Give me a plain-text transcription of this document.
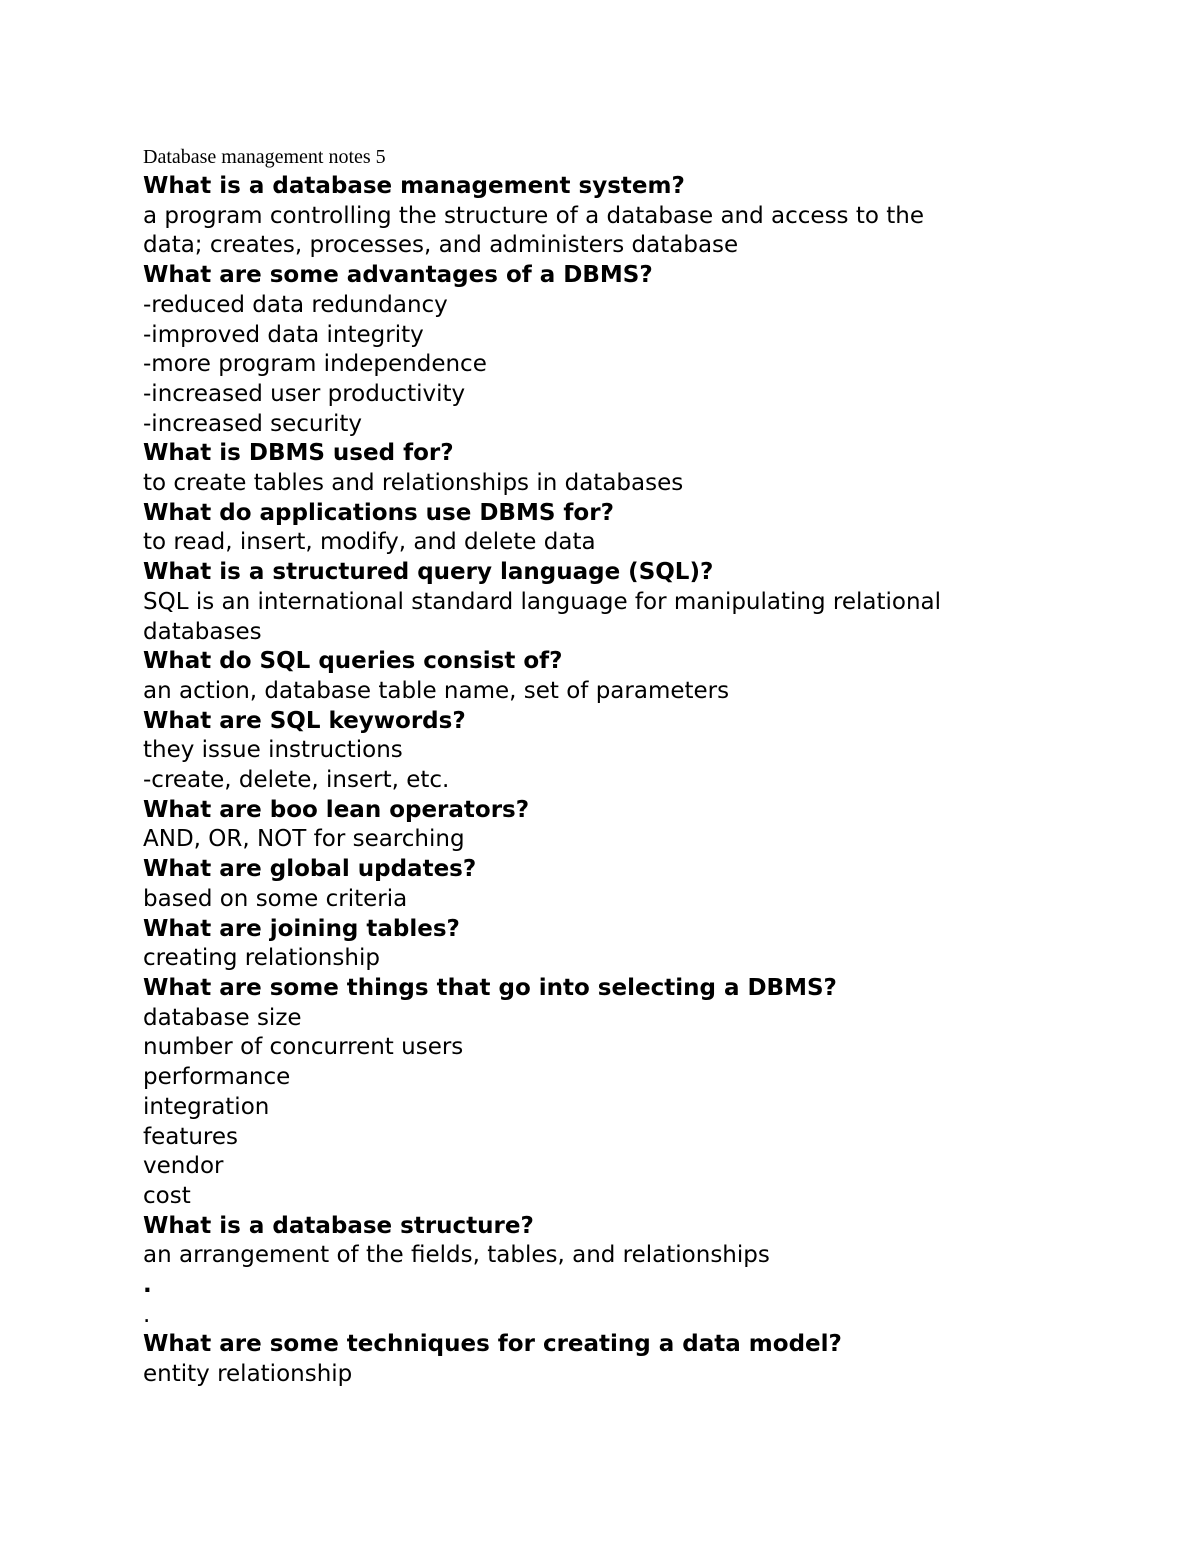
Database management notes 5

What is a database management system?

a program controlling the structure of a database and access to the

data; creates, processes, and administers database

What are some advantages of a DBMS?

-reduced data redundancy

-improved data integrity

-more program independence

-increased user productivity

-increased security

What is DBMS used for?

to create tables and relationships in databases

What do applications use DBMS for?

to read, insert, modify, and delete data

What is a structured query language (SQL)?

SQL is an international standard language for manipulating relational

databases

What do SQL queries consist of?

an action, database table name, set of parameters

What are SQL keywords?

they issue instructions

-create, delete, insert, etc.

What are boo lean operators?

AND, OR, NOT for searching

What are global updates?

based on some criteria

What are joining tables?

creating relationship

What are some things that go into selecting a DBMS?

database size

number of concurrent users

performance

integration

features

vendor

cost

What is a database structure?

an arrangement of the fields, tables, and relationships

.

.

What are some techniques for creating a data model?

entity relationship
